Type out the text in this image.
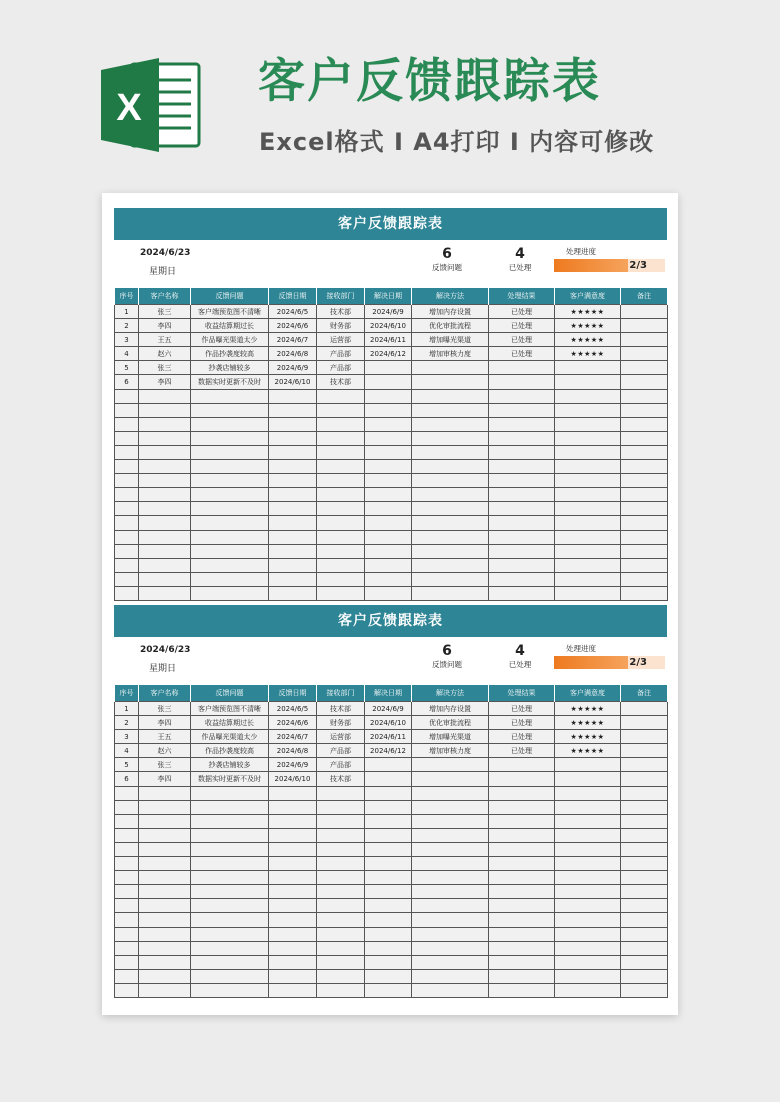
X 客户反馈跟踪表
Excel格式 I A4打印 I 内容可修改
客户反馈跟踪表
2024/6/23
星期日
6
反馈问题
4
已处理
处理进度
2/3
序号	客户名称	反馈问题	反馈日期	接收部门	解决日期	解决方法	处理结果	客户满意度	备注
1	张三	客户端预览图不清晰	2024/6/5	技术部	2024/6/9	增加内存设置	已处理	★★★★★	
2	李四	收益结算期过长	2024/6/6	财务部	2024/6/10	优化审批流程	已处理	★★★★★	
3	王五	作品曝光渠道太少	2024/6/7	运营部	2024/6/11	增加曝光渠道	已处理	★★★★★	
4	赵六	作品抄袭度较高	2024/6/8	产品部	2024/6/12	增加审核力度	已处理	★★★★★	
5	张三	抄袭店铺较多	2024/6/9	产品部					
6	李四	数据实时更新不及时	2024/6/10	技术部					

客户反馈跟踪表
2024/6/23
星期日
6
反馈问题
4
已处理
处理进度
2/3
序号	客户名称	反馈问题	反馈日期	接收部门	解决日期	解决方法	处理结果	客户满意度	备注
1	张三	客户端预览图不清晰	2024/6/5	技术部	2024/6/9	增加内存设置	已处理	★★★★★	
2	李四	收益结算期过长	2024/6/6	财务部	2024/6/10	优化审批流程	已处理	★★★★★	
3	王五	作品曝光渠道太少	2024/6/7	运营部	2024/6/11	增加曝光渠道	已处理	★★★★★	
4	赵六	作品抄袭度较高	2024/6/8	产品部	2024/6/12	增加审核力度	已处理	★★★★★	
5	张三	抄袭店铺较多	2024/6/9	产品部					
6	李四	数据实时更新不及时	2024/6/10	技术部					
